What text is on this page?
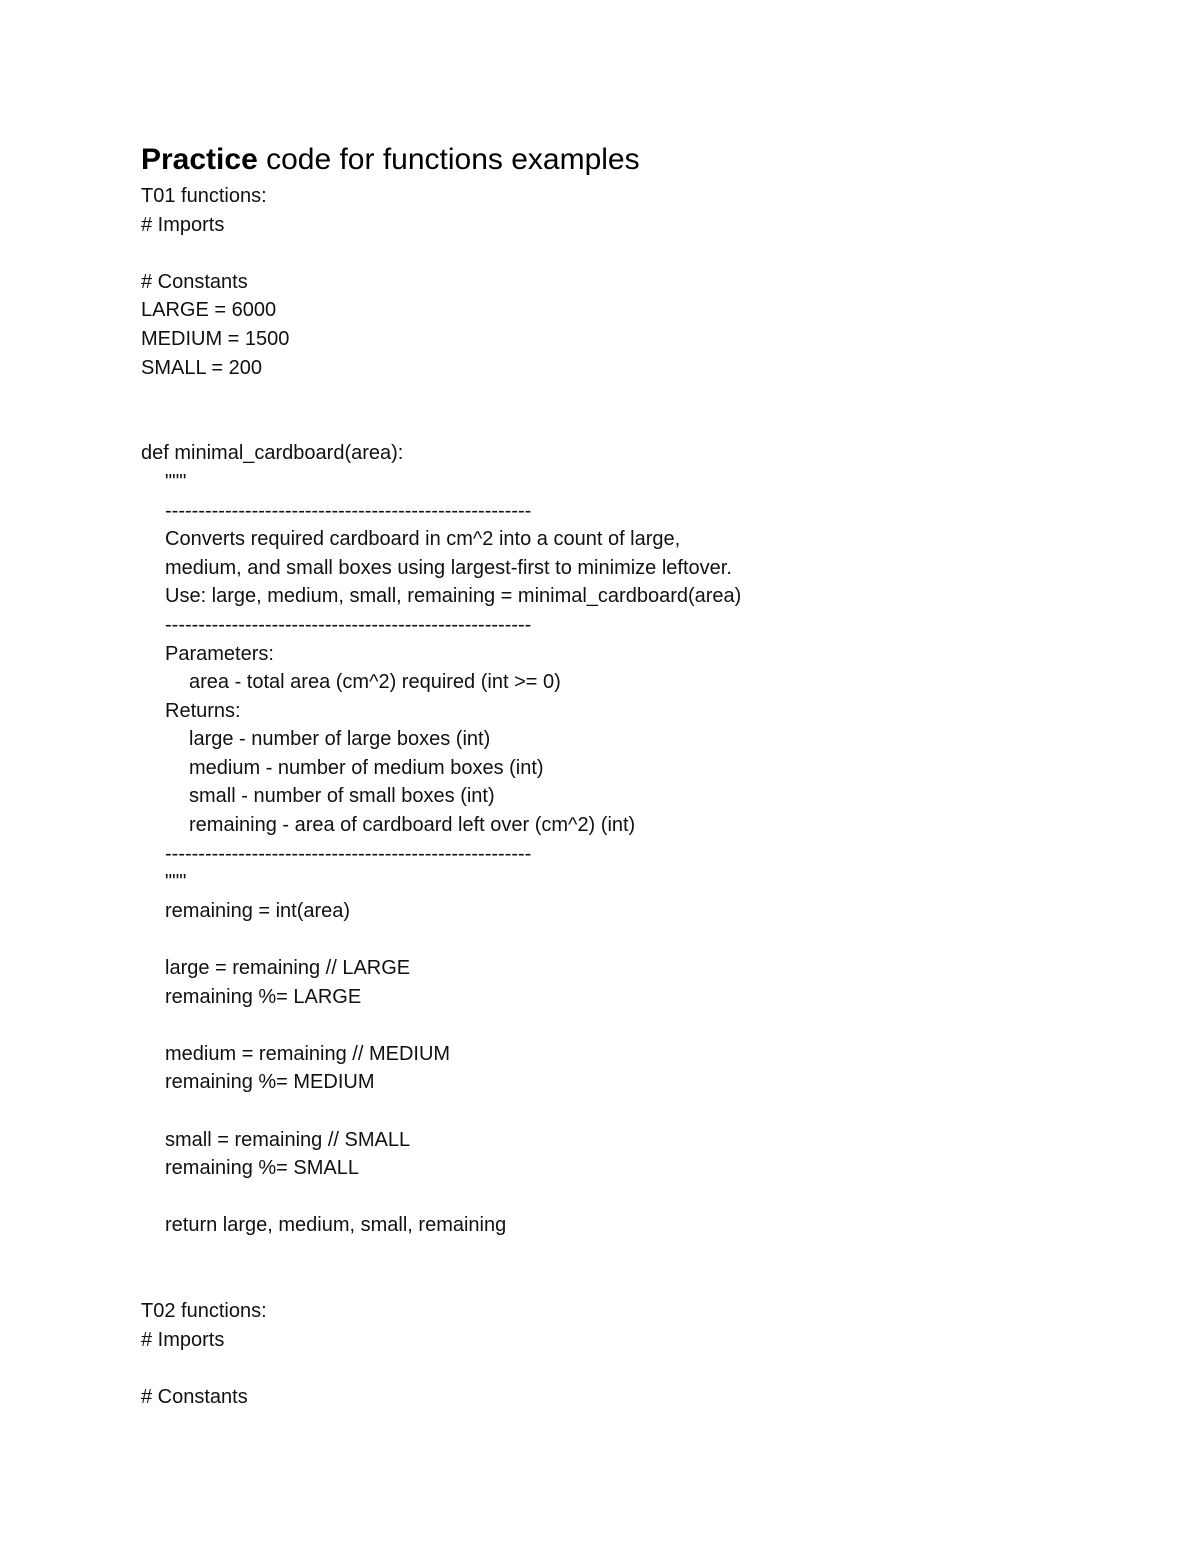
Practice code for functions examples
T01 functions:
# Imports
# Constants
LARGE = 6000
MEDIUM = 1500
SMALL = 200
def minimal_cardboard(area):
"""
-------------------------------------------------------
Converts required cardboard in cm^2 into a count of large,
medium, and small boxes using largest-first to minimize leftover.
Use: large, medium, small, remaining = minimal_cardboard(area)
-------------------------------------------------------
Parameters:
area - total area (cm^2) required (int >= 0)
Returns:
large - number of large boxes (int)
medium - number of medium boxes (int)
small - number of small boxes (int)
remaining - area of cardboard left over (cm^2) (int)
-------------------------------------------------------
"""
remaining = int(area)
large = remaining // LARGE
remaining %= LARGE
medium = remaining // MEDIUM
remaining %= MEDIUM
small = remaining // SMALL
remaining %= SMALL
return large, medium, small, remaining
T02 functions:
# Imports
# Constants
